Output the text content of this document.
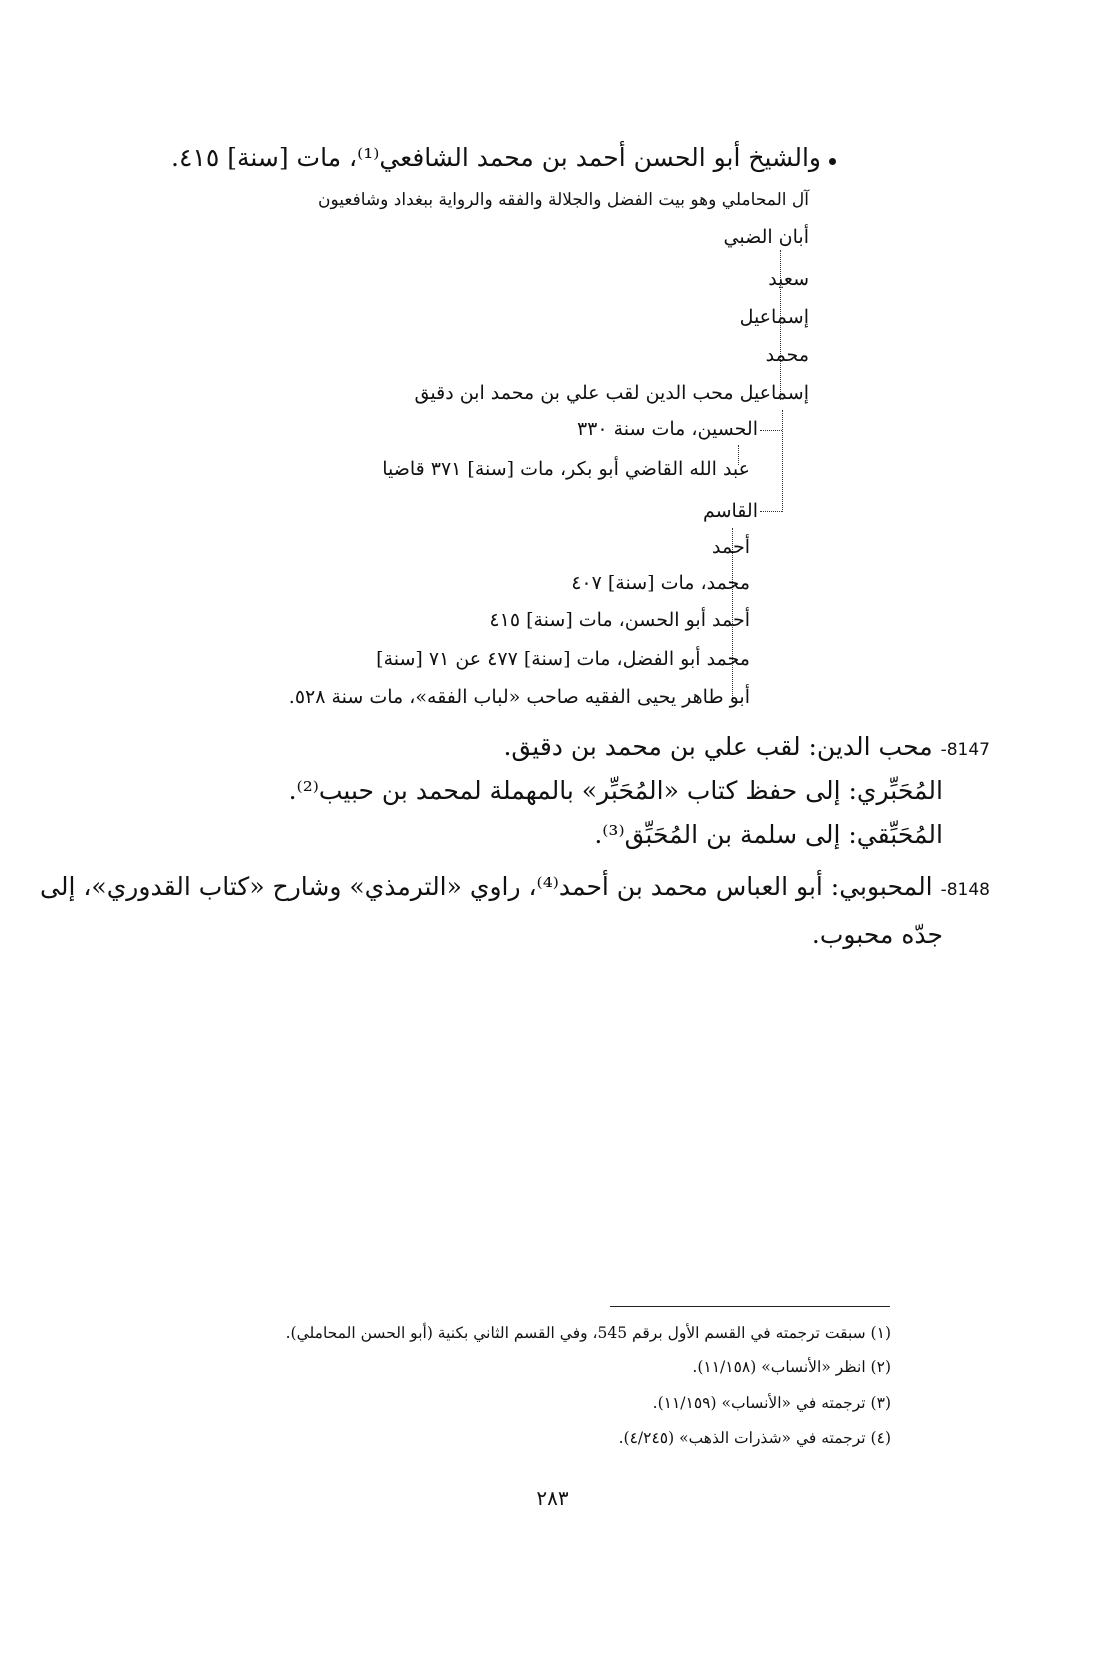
والشيخ أبو الحسن أحمد بن محمد الشافعي⁽¹⁾، مات [سنة] ٤١٥.
آل المحاملي وهو بيت الفضل والجلالة والفقه والرواية ببغداد وشافعيون
أبان الضبي
سعيد
إسماعيل
محمد
إسماعيل محب الدين لقب علي بن محمد ابن دقيق
الحسين، مات سنة ٣٣٠
عبد الله القاضي أبو بكر، مات [سنة] ٣٧١ قاضيا
القاسم
أحمد
محمد، مات [سنة] ٤٠٧
أحمد أبو الحسن، مات [سنة] ٤١٥
محمد أبو الفضل، مات [سنة] ٤٧٧ عن ٧١ [سنة]
أبو طاهر يحيى الفقيه صاحب «لباب الفقه»، مات سنة ٥٢٨.
8147- محب الدين: لقب علي بن محمد بن دقيق.
المُحَبِّري: إلى حفظ كتاب «المُحَبِّر» بالمهملة لمحمد بن حبيب⁽²⁾.
المُحَبِّقي: إلى سلمة بن المُحَبِّق⁽³⁾.
8148- المحبوبي: أبو العباس محمد بن أحمد⁽⁴⁾، راوي «الترمذي» وشارح «كتاب القدوري»، إلى
جدّه محبوب.
(١) سبقت ترجمته في القسم الأول برقم 545، وفي القسم الثاني بكنية (أبو الحسن المحاملي).
(٢) انظر «الأنساب» (١١/١٥٨).
(٣) ترجمته في «الأنساب» (١١/١٥٩).
(٤) ترجمته في «شذرات الذهب» (٤/٢٤٥).
٢٨٣
